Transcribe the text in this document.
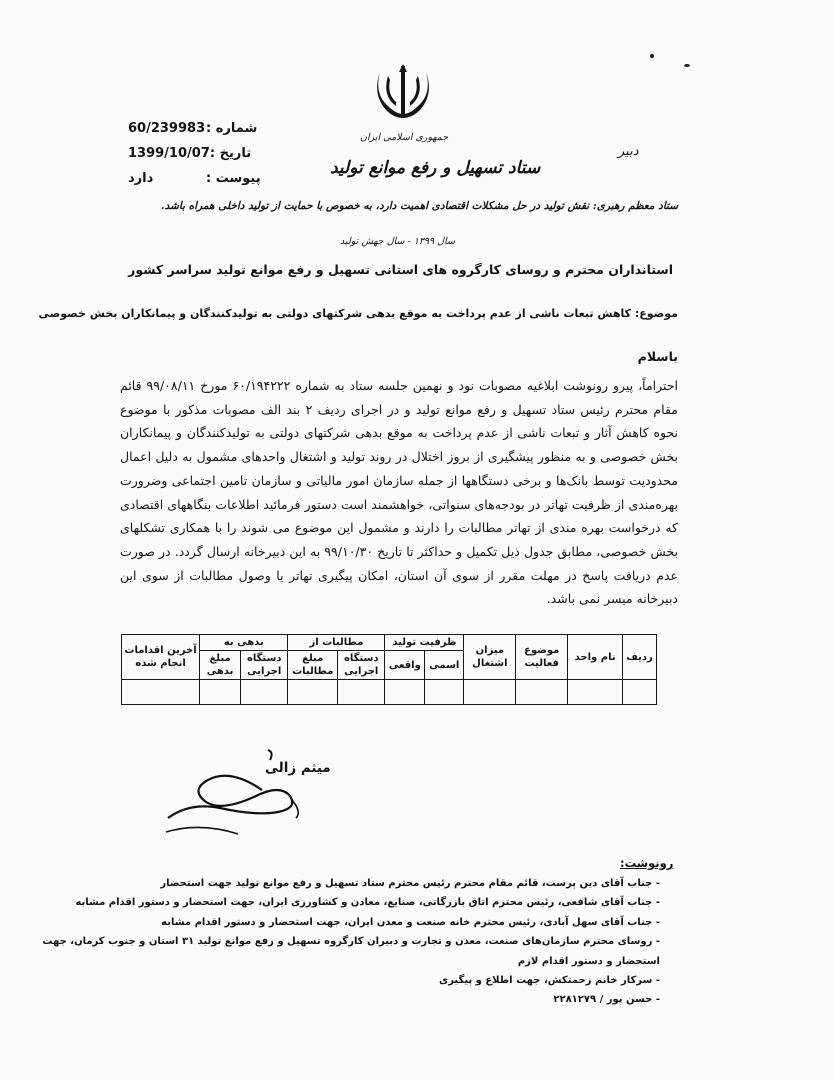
شماره :
60/239983
تاریخ :
1399/10/07
پیوست :
دارد
جمهوری اسلامی ایران
دبیر
ستاد تسهیل و رفع موانع تولید
ستاد معظم رهبری: نقش تولید در حل مشکلات اقتصادی اهمیت دارد، به خصوص با حمایت از تولید داخلی همراه باشد.
سال ۱۳۹۹ - سال جهش تولید
استانداران محترم و روسای کارگروه های استانی تسهیل و رفع موانع تولید سراسر کشور
موضوع: کاهش تبعات ناشی از عدم پرداخت به موقع بدهی شرکتهای دولتی به تولیدکنندگان و پیمانکاران بخش خصوصی
باسلام

احتراماً، پیرو رونوشت ابلاغیه مصوبات نود و نهمین جلسه ستاد به شماره ۶۰/۱۹۴۲۲۲ مورخ ۹۹/۰۸/۱۱ قائم مقام محترم رئیس ستاد تسهیل و رفع موانع تولید و در اجرای ردیف ۲ بند الف مصوبات مذکور با موضوع نحوه کاهش آثار و تبعات ناشی از عدم پرداخت به موقع بدهی شرکتهای دولتی به تولیدکنندگان و پیمانکاران بخش خصوصی و به منظور پیشگیری از بروز اختلال در روند تولید و اشتغال واحدهای مشمول به دلیل اعمال محدودیت توسط بانک‌ها و برخی دستگاهها از جمله سازمان امور مالیاتی و سازمان تامین اجتماعی وضرورت بهره‌مندی از ظرفیت تهاتر در بودجه‌های سنواتی، خواهشمند است دستور فرمائید اطلاعات بنگاههای اقتصادی که درخواست بهره مندی از تهاتر مطالبات را دارند و مشمول این موضوع می شوند را با همکاری تشکلهای بخش خصوصی، مطابق جدول ذیل تکمیل و حداکثر تا تاریخ ۹۹/۱۰/۳۰ به این دبیرخانه ارسال گردد. در صورت عدم دریافت پاسخ در مهلت مقرر از سوی آن استان، امکان پیگیری تهاتر یا وصول مطالبات از سوی این دبیرخانه میسر نمی باشد.

ردیف	نام واحد	موضوع فعالیت	میزان اشتغال	ظرفیت تولید		مطالبات از		بدهی به		آخرین اقدامات انجام شده
				اسمی	واقعی	دستگاه اجرایی	مبلغ مطالبات	دستگاه اجرایی	مبلغ بدهی	

میثم زالی
رونوشت:
- جناب آقای دین پرست، قائم مقام محترم رئیس محترم ستاد تسهیل و رفع موانع تولید جهت استحضار
- جناب آقای شافعی، رئیس محترم اتاق بازرگانی، صنایع، معادن و کشاورزی ایران، جهت استحضار و دستور اقدام مشابه
- جناب آقای سهل آبادی، رئیس محترم خانه صنعت و معدن ایران، جهت استحضار و دستور اقدام مشابه
- روسای محترم سازمان‌های صنعت، معدن و تجارت و دبیران کارگروه تسهیل و رفع موانع تولید ۳۱ استان و جنوب کرمان، جهت
استحضار و دستور اقدام لازم
- سرکار خانم زحمتکش، جهت اطلاع و پیگیری
- حسن پور / ۲۲۸۱۲۷۹
